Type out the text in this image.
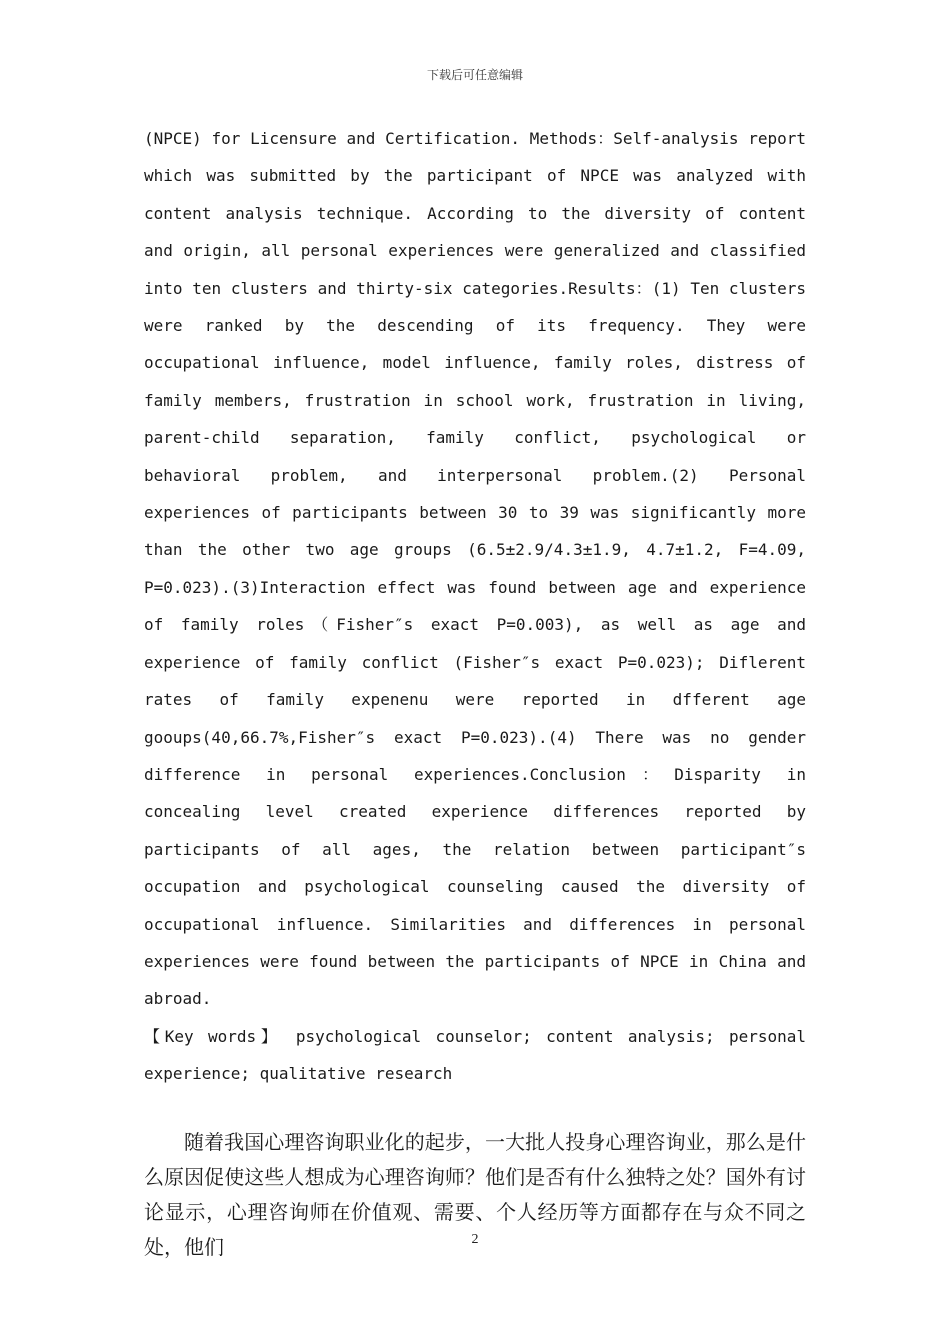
下载后可任意编辑

(NPCE) for Licensure and Certification. Methods：Self-analysis report which was submitted by the participant of NPCE was analyzed with content analysis technique. According to the diversity of content and origin, all personal experiences were generalized and classified into ten clusters and thirty-six categories.Results：(1) Ten clusters were ranked by the descending of its frequency. They were occupational influence, model influence, family roles, distress of family members, frustration in school work, frustration in living, parent-child separation, family conflict, psychological or behavioral problem, and interpersonal problem.(2) Personal experiences of participants between 30 to 39 was significantly more than the other two age groups (6.5±2.9/4.3±1.9, 4.7±1.2, F=4.09, P=0.023).(3)Interaction effect was found between age and experience of family roles（Fisher″s exact P=0.003), as well as age and experience of family conflict (Fisher″s exact P=0.023); Diflerent rates of family expenenu were reported in dfferent age gooups(40,66.7%,Fisher″s exact P=0.023).(4) There was no gender difference in personal experiences.Conclusion：Disparity in concealing level created experience differences reported by participants of all ages, the relation between participant″s occupation and psychological counseling caused the diversity of occupational influence. Similarities and differences in personal experiences were found between the participants of NPCE in China and abroad.

【Key words】 psychological counselor; content analysis; personal experience; qualitative research

随着我国心理咨询职业化的起步，一大批人投身心理咨询业，那么是什么原因促使这些人想成为心理咨询师？他们是否有什么独特之处？国外有讨论显示，心理咨询师在价值观、需要、个人经历等方面都存在与众不同之处，他们	2
